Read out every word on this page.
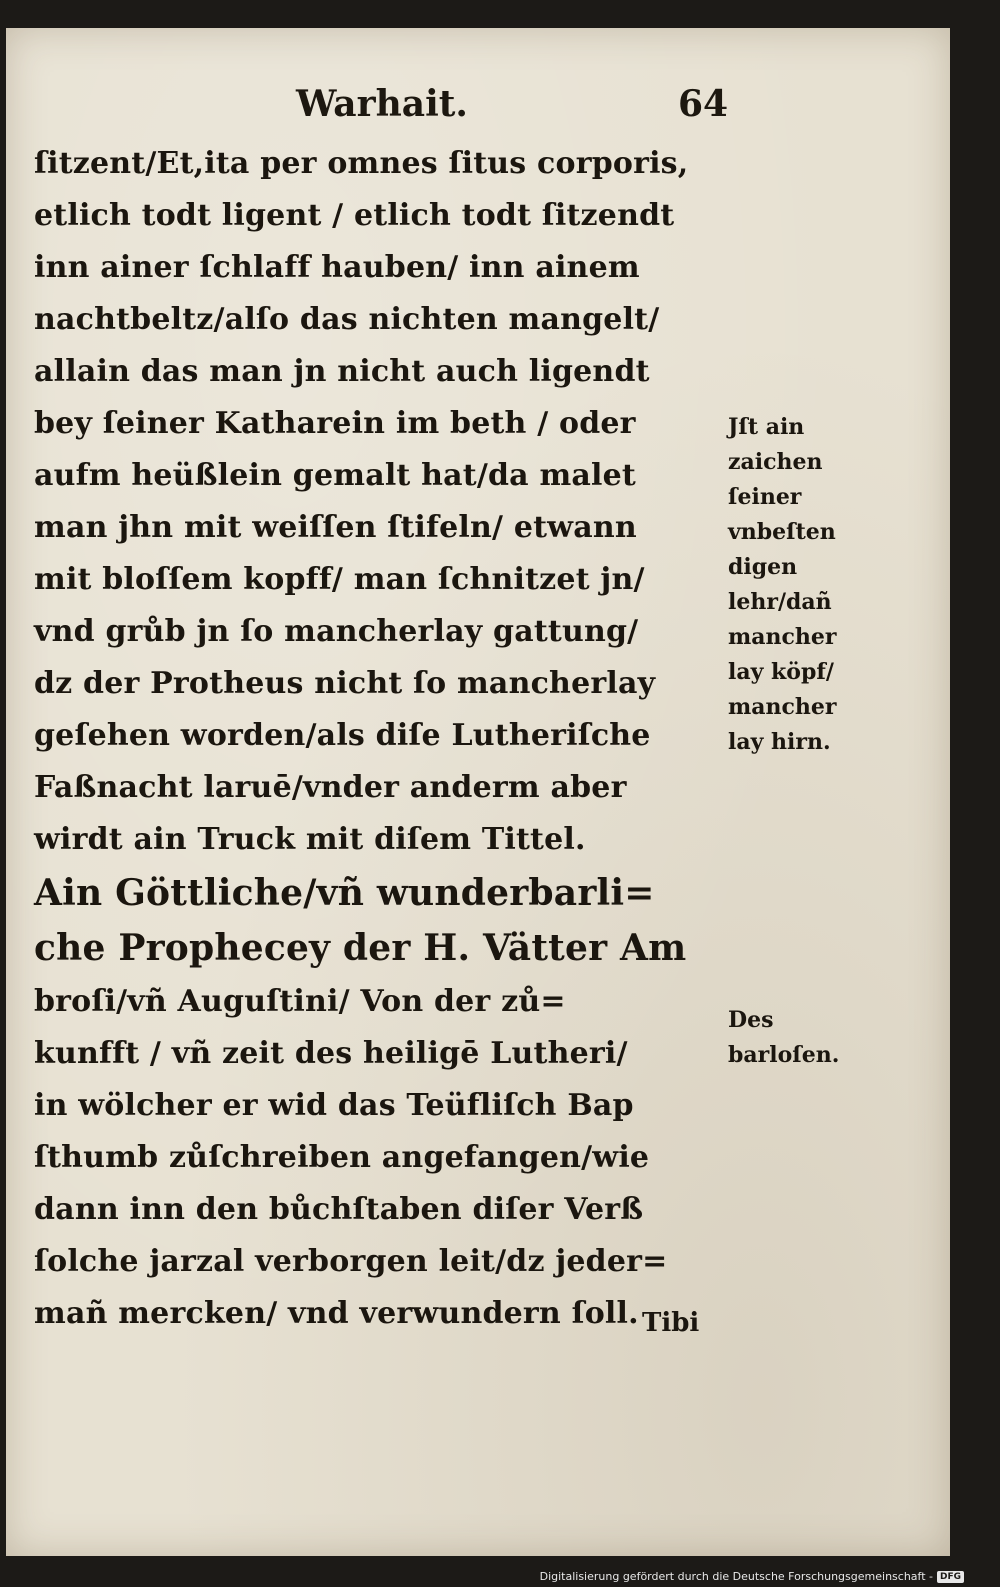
Warhait.	64
ſitzent/Et,ita per omnes ſitus corporis,
etlich todt ligent / etlich todt ſitzendt
inn ainer ſchlaff hauben/ inn ainem
nachtbeltz/alſo das nichten mangelt/
allain das man jn nicht auch ligendt
bey ſeiner Katharein im beth / oder
aufm heüßlein gemalt hat/da malet
man jhn mit weiſſen ſtifeln/ etwann
mit bloſſem kopff/ man ſchnitzet jn/
vnd grůb jn ſo mancherlay gattung/
dz der Protheus nicht ſo mancherlay
geſehen worden/als diſe Lutheriſche
Faßnacht laruē/vnder anderm aber
wirdt ain Truck mit diſem Tittel.
Ain Göttliche/vñ wunderbarli=
che Prophecey der H. Vätter Am
broſi/vñ Auguſtini/ Von der zů=
kunfft / vñ zeit des heiligē Lutheri/
in wölcher er wid das Teüfliſch Bap
ſthumb zůſchreiben angefangen/wie
dann inn den bůchſtaben diſer Verß
ſolche jarzal verborgen leit/dz jeder=
mañ mercken/ vnd verwundern ſoll. Tibi
Jſt ain
zaichen
ſeiner
vnbeſten
digen
lehr/dañ
mancher
lay köpf/
mancher
lay hirn.
Des
barloſen.
Digitalisierung gefördert durch die Deutsche Forschungsgemeinschaft - DFG
